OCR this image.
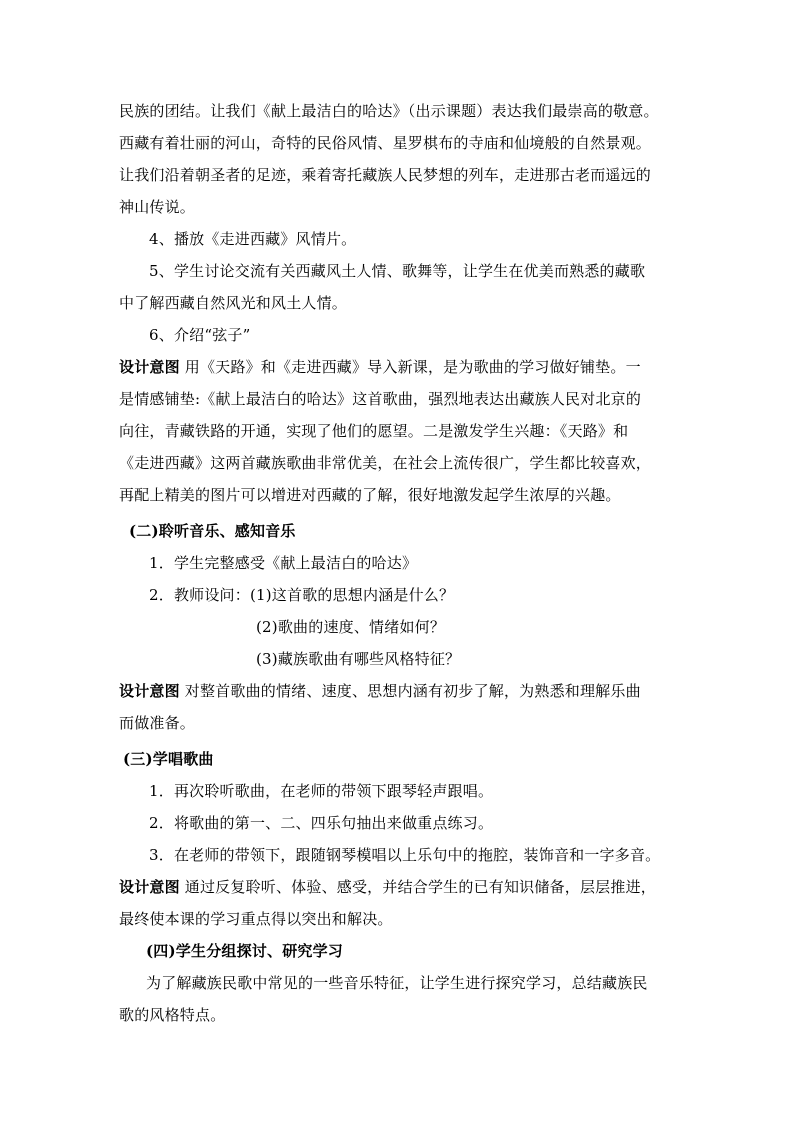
民族的团结。让我们《献上最洁白的哈达》（出示课题）表达我们最崇高的敬意。
西藏有着壮丽的河山，奇特的民俗风情、星罗棋布的寺庙和仙境般的自然景观。
让我们沿着朝圣者的足迹，乘着寄托藏族人民梦想的列车，走进那古老而遥远的
神山传说。
4、播放《走进西藏》风情片。
5、学生讨论交流有关西藏风土人情、歌舞等，让学生在优美而熟悉的藏歌
中了解西藏自然风光和风土人情。
6、介绍“弦子”
设计意图 用《天路》和《走进西藏》导入新课，是为歌曲的学习做好铺垫。一
是情感铺垫:《献上最洁白的哈达》这首歌曲，强烈地表达出藏族人民对北京的
向往，青藏铁路的开通，实现了他们的愿望。二是激发学生兴趣：《天路》和
《走进西藏》这两首藏族歌曲非常优美，在社会上流传很广，学生都比较喜欢，
再配上精美的图片可以增进对西藏的了解，很好地激发起学生浓厚的兴趣。
(二)聆听音乐、感知音乐
1．学生完整感受《献上最洁白的哈达》
2．教师设问：(1)这首歌的思想内涵是什么？
(2)歌曲的速度、情绪如何？
(3)藏族歌曲有哪些风格特征？
设计意图 对整首歌曲的情绪、速度、思想内涵有初步了解，为熟悉和理解乐曲
而做准备。
(三)学唱歌曲
1．再次聆听歌曲，在老师的带领下跟琴轻声跟唱。
2．将歌曲的第一、二、四乐句抽出来做重点练习。
3．在老师的带领下，跟随钢琴模唱以上乐句中的拖腔，装饰音和一字多音。
设计意图 通过反复聆听、体验、感受，并结合学生的已有知识储备，层层推进，
最终使本课的学习重点得以突出和解决。
(四)学生分组探讨、研究学习
为了解藏族民歌中常见的一些音乐特征，让学生进行探究学习，总结藏族民
歌的风格特点。
